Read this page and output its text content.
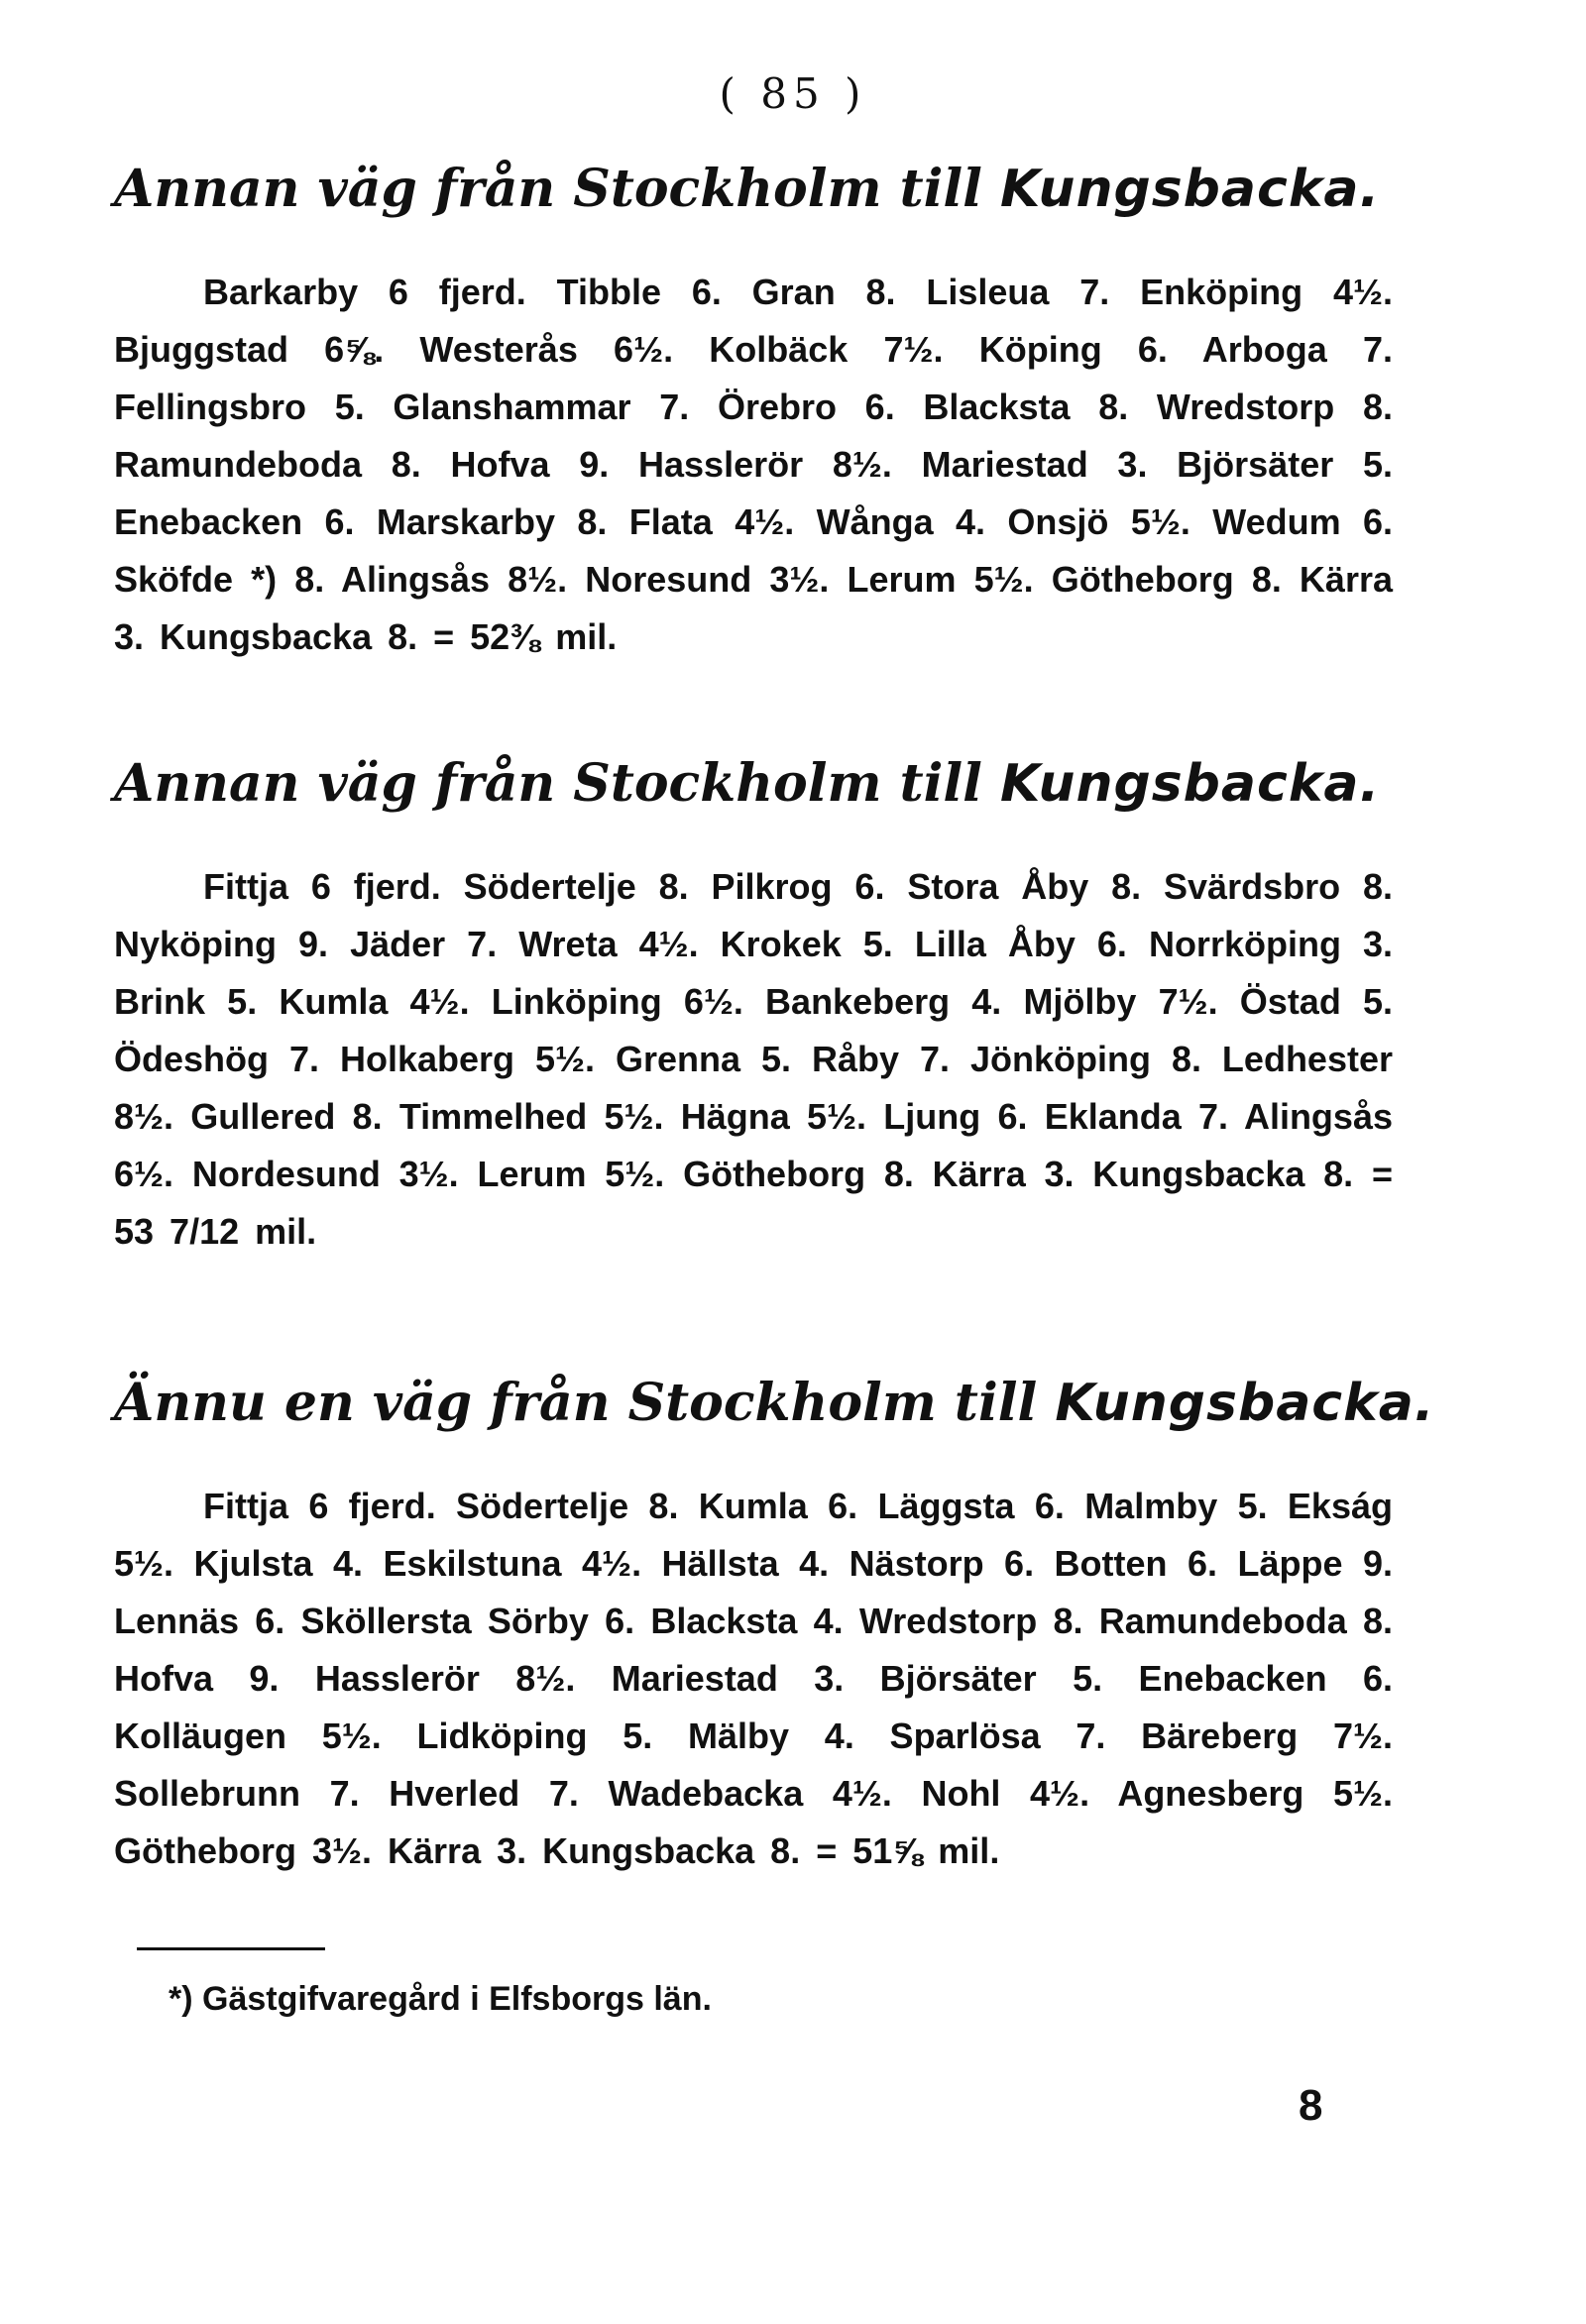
( 85 )
Annan väg från Stockholm till Kungsbacka.

Barkarby 6 fjerd. Tibble 6. Gran 8. Lisleua 7. Enköping 4½. Bjuggstad 6⅝. Westerås 6½. Kolbäck 7½. Köping 6. Arboga 7. Fellingsbro 5. Glanshammar 7. Örebro 6. Blacksta 8. Wredstorp 8. Ramundeboda 8. Hofva 9. Hasslerör 8½. Mariestad 3. Björsäter 5. Enebacken 6. Marskarby 8. Flata 4½. Wånga 4. Onsjö 5½. Wedum 6. Sköfde *) 8. Alingsås 8½. Noresund 3½. Lerum 5½. Götheborg 8. Kärra 3. Kungsbacka 8. = 52⅜ mil.

Annan väg från Stockholm till Kungsbacka.

Fittja 6 fjerd. Södertelje 8. Pilkrog 6. Stora Åby 8. Svärdsbro 8. Nyköping 9. Jäder 7. Wreta 4½. Krokek 5. Lilla Åby 6. Norrköping 3. Brink 5. Kumla 4½. Linköping 6½. Bankeberg 4. Mjölby 7½. Östad 5. Ödeshög 7. Holkaberg 5½. Grenna 5. Råby 7. Jönköping 8. Ledhester 8½. Gullered 8. Timmelhed 5½. Hägna 5½. Ljung 6. Eklanda 7. Alingsås 6½. Nordesund 3½. Lerum 5½. Götheborg 8. Kärra 3. Kungsbacka 8. = 53 7/12 mil.

Ännu en väg från Stockholm till Kungsbacka.

Fittja 6 fjerd. Södertelje 8. Kumla 6. Läggsta 6. Malmby 5. Ekság 5½. Kjulsta 4. Eskilstuna 4½. Hällsta 4. Nästorp 6. Botten 6. Läppe 9. Lennäs 6. Sköllersta Sörby 6. Blacksta 4. Wredstorp 8. Ramundeboda 8. Hofva 9. Hasslerör 8½. Mariestad 3. Björsäter 5. Enebacken 6. Kolläugen 5½. Lidköping 5. Mälby 4. Sparlösa 7. Bäreberg 7½. Sollebrunn 7. Hverled 7. Wadebacka 4½. Nohl 4½. Agnesberg 5½. Götheborg 3½. Kärra 3. Kungsbacka 8. = 51⅝ mil.

*) Gästgifvaregård i Elfsborgs län.
8
